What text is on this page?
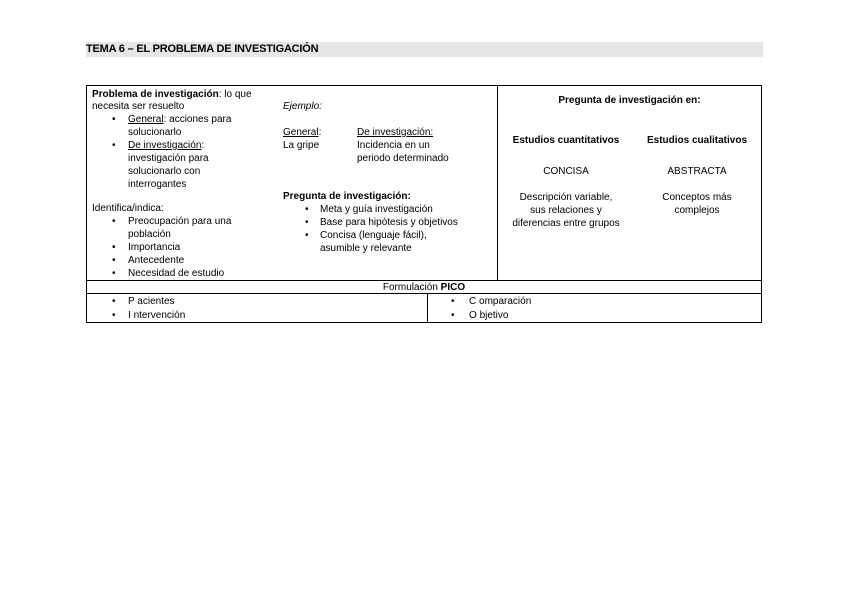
TEMA 6 – EL PROBLEMA DE INVESTIGACIÓN
Problema de investigación: lo que
necesita ser resuelto
• General: acciones para
solucionarlo
• De investigación:
investigación para
solucionarlo con
interrogantes
Identifica/indica:
• Preocupación para una
población
• Importancia
• Antecedente
• Necesidad de estudio
Ejemplo:
General:
La gripe
De investigación:
Incidencia en un
periodo determinado
Pregunta de investigación:
• Meta y guía investigación
• Base para hipótesis y objetivos
• Concisa (lenguaje fácil),
asumible y relevante
Pregunta de investigación en:
Estudios cuantitativos	Estudios cualitativos
CONCISA	ABSTRACTA
Descripción variable,
sus relaciones y
diferencias entre grupos
Conceptos más
complejos
Formulación PICO
• P acientes
• I ntervención
• C omparación
• O bjetivo
